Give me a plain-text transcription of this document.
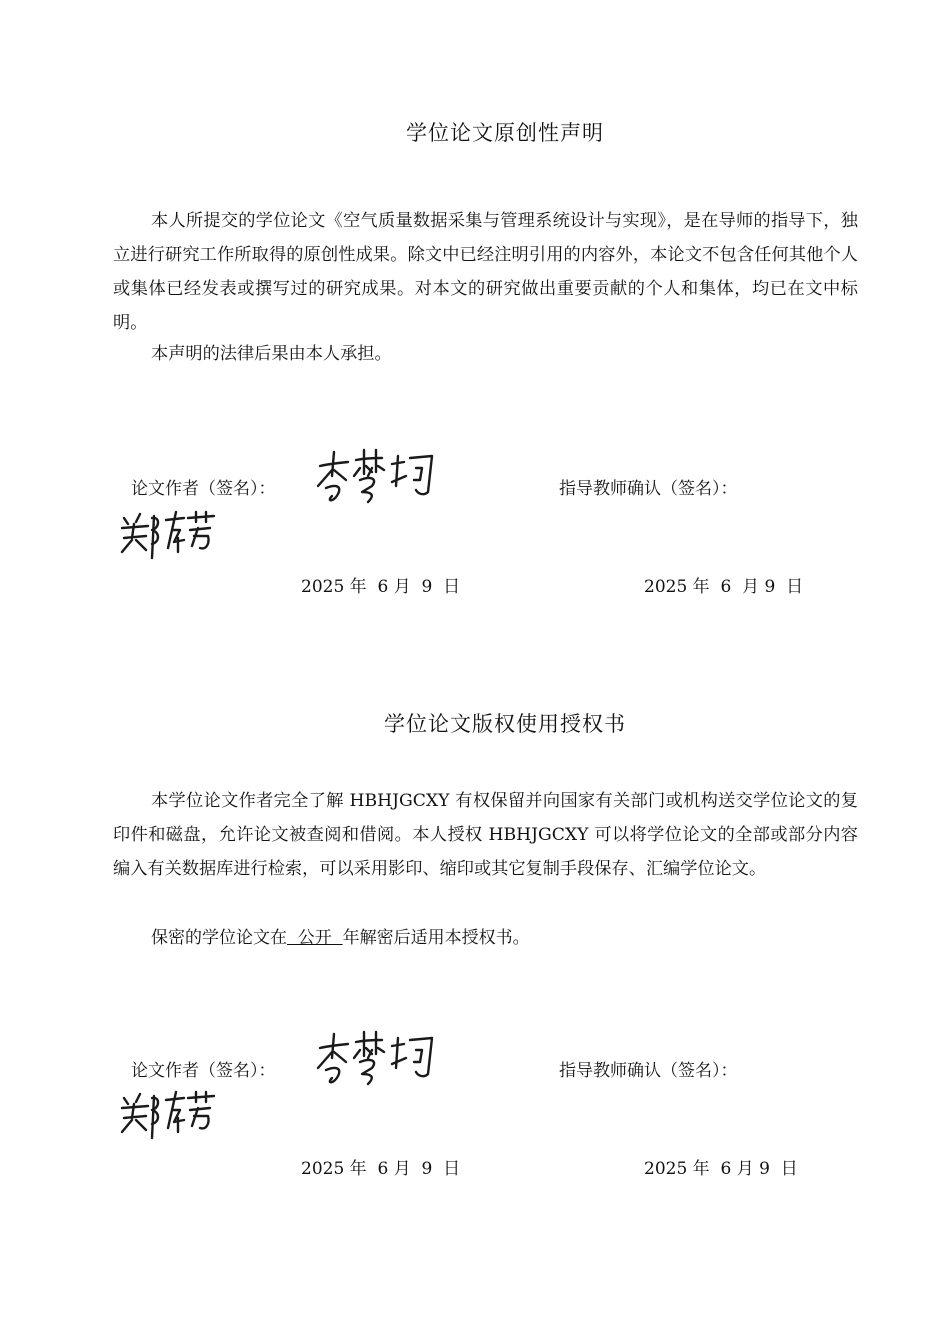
学位论文原创性声明

本人所提交的学位论文《空气质量数据采集与管理系统设计与实现》，是在导师的指导下，独立进行研究工作所取得的原创性成果。除文中已经注明引用的内容外，本论文不包含任何其他个人或集体已经发表或撰写过的研究成果。对本文的研究做出重要贡献的个人和集体，均已在文中标明。

本声明的法律后果由本人承担。

论文作者（签名）：	指导教师确认（签名）：
2025 年  6 月  9  日	2025 年  6  月 9  日
学位论文版权使用授权书

本学位论文作者完全了解 HBHJGCXY 有权保留并向国家有关部门或机构送交学位论文的复印件和磁盘，允许论文被查阅和借阅。本人授权 HBHJGCXY 可以将学位论文的全部或部分内容编入有关数据库进行检索，可以采用影印、缩印或其它复制手段保存、汇编学位论文。

保密的学位论文在  公开  年解密后适用本授权书。
论文作者（签名）：	指导教师确认（签名）：
2025 年  6 月  9  日	2025 年  6 月 9  日
